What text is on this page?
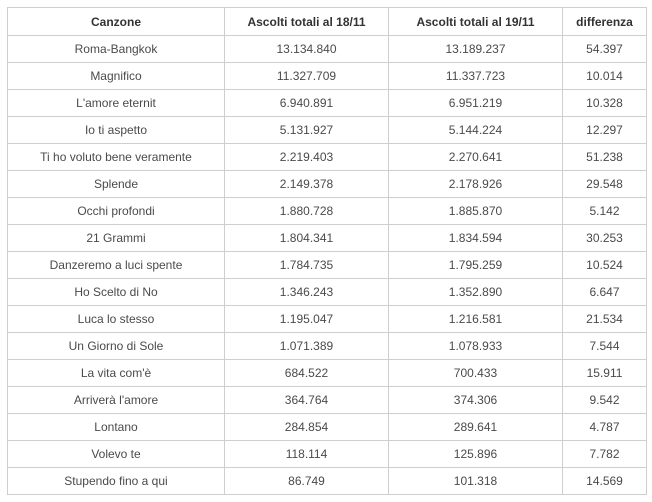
Canzone	Ascolti totali al 18/11	Ascolti totali al 19/11	differenza
Roma-Bangkok	13.134.840	13.189.237	54.397
Magnifico	11.327.709	11.337.723	10.014
L'amore eternit	6.940.891	6.951.219	10.328
Io ti aspetto	5.131.927	5.144.224	12.297
Ti ho voluto bene veramente	2.219.403	2.270.641	51.238
Splende	2.149.378	2.178.926	29.548
Occhi profondi	1.880.728	1.885.870	5.142
21 Grammi	1.804.341	1.834.594	30.253
Danzeremo a luci spente	1.784.735	1.795.259	10.524
Ho Scelto di No	1.346.243	1.352.890	6.647
Luca lo stesso	1.195.047	1.216.581	21.534
Un Giorno di Sole	1.071.389	1.078.933	7.544
La vita com'è	684.522	700.433	15.911
Arriverà l'amore	364.764	374.306	9.542
Lontano	284.854	289.641	4.787
Volevo te	118.114	125.896	7.782
Stupendo fino a qui	86.749	101.318	14.569
